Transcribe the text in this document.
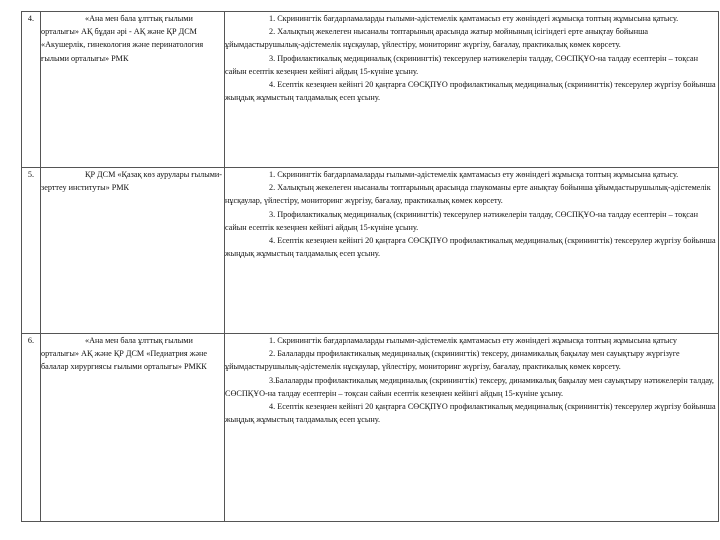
4.	«Ана мен бала ұлттық ғылыми орталығы» АҚ бұдан әрі - АҚ және ҚР ДСМ «Акушерлік, гинекология және перинатология ғылыми орталығы» РМК	1. Скринингтік бағдарламаларды ғылыми-әдістемелік қамтамасыз ету жөніндегі жұмысқа топтың жұмысына қатысу.

2. Халықтың жекелеген нысаналы топтарының арасында жатыр мойнының ісігіндегі ерте анықтау бойынша ұйымдастырушылық-әдістемелік нұсқаулар, үйлестіру, мониторинг жүргізу, бағалау, практикалық көмек көрсету.

3. Профилактикалық медициналық (скринингтік) тексерулер нәтижелерін талдау, СӨСПҚҰО-на талдау есептерін – тоқсан сайын есептік кезеңнен кейінгі айдың 15-күніне ұсыну.

4. Есептік кезеңнен кейінгі 20 қаңтарға СӨСҚПҰО профилактикалық медициналық (скринингтік) тексерулер жүргізу бойынша жыңдық жұмыстың талдамалық есеп ұсыну.

5.	ҚР ДСМ «Қазақ көз аурулары ғылыми-зерттеу институты» РМК	1. Скринингтік бағдарламаларды ғылыми-әдістемелік қамтамасыз ету жөніндегі жұмысқа топтың жұмысына қатысу.

2. Халықтың жекелеген нысаналы топтарының арасында глаукоманы ерте анықтау бойынша ұйымдастырушылық-әдістемелік нұсқаулар, үйлестіру, мониторинг жүргізу, бағалау, практикалық көмек көрсету.

3. Профилактикалық медициналық (скринингтік) тексерулер нәтижелерін талдау, СӨСПҚҰО-на талдау есептерін – тоқсан сайын есептік кезеңнен кейінгі айдың 15-күніне ұсыну.

4. Есептік кезеңнен кейінгі 20 қаңтарға СӨСҚПҰО профилактикалық медициналық (скринингтік) тексерулер жүргізу бойынша жыңдық жұмыстың талдамалық есеп ұсыну.

6.	«Ана мен бала ұлттық ғылыми орталығы» АҚ және ҚР ДСМ «Педиатрия және балалар хирургиясы ғылыми орталығы» РМКК	1. Скринингтік бағдарламаларды ғылыми-әдістемелік қамтамасыз ету жөніндегі жұмысқа топтың жұмысына қатысу

2. Балаларды профилактикалық медициналық (скринингтік) тексеру, динамикалық бақылау мен сауықтыру жүргізуге ұйымдастырушылық-әдістемелік нұсқаулар, үйлестіру, мониторинг жүргізу, бағалау, практикалық көмек көрсету.

3.Балаларды профилактикалық медициналық (скринингтік) тексеру, динамикалық бақылау мен сауықтыру нәтижелерін талдау, СӨСПҚҰО-на талдау есептерін – тоқсан сайын есептік кезеңнен кейінгі айдың 15-күніне ұсыну.

4. Есептік кезеңнен кейінгі 20 қаңтарға СӨСҚПҰО профилактикалық медициналық (скринингтік) тексерулер жүргізу бойынша жыңдық жұмыстың талдамалық есеп ұсыну.
